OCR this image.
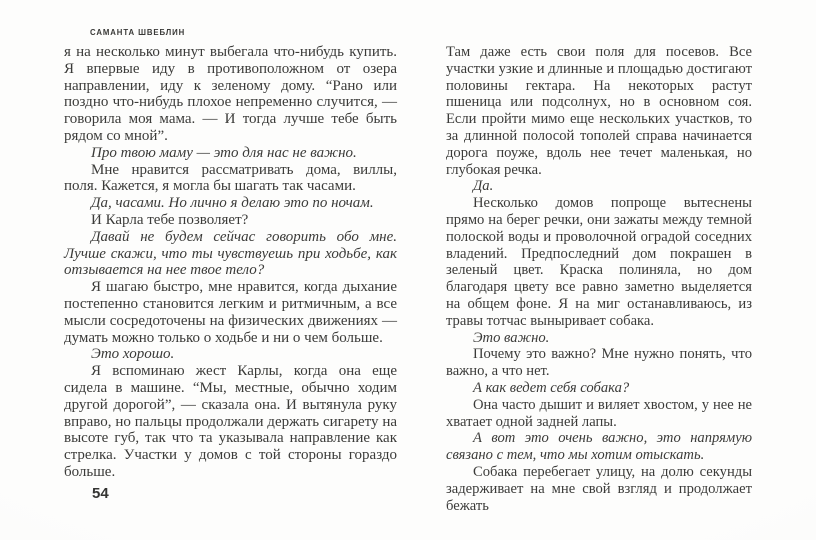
САМАНТА ШВЕБЛИН

я на несколько минут выбегала что-нибудь купить. Я впервые иду в противоположном от озера направлении, иду к зеленому дому. “Рано или поздно что-нибудь плохое непременно случится, — говорила моя мама. — И тогда лучше тебе быть рядом со мной”.

Про твою маму — это для нас не важно.

Мне нравится рассматривать дома, виллы, поля. Кажется, я могла бы шагать так часами.

Да, часами. Но лично я делаю это по ночам.

И Карла тебе позволяет?

Давай не будем сейчас говорить обо мне. Лучше скажи, что ты чувствуешь при ходьбе, как отзывается на нее твое тело?

Я шагаю быстро, мне нравится, когда дыхание постепенно становится легким и ритмичным, а все мысли сосредоточены на физических движениях — думать можно только о ходьбе и ни о чем больше.

Это хорошо.

Я вспоминаю жест Карлы, когда она еще сидела в машине. “Мы, местные, обычно ходим другой дорогой”, — сказала она. И вытянула руку вправо, но пальцы продолжали держать сигарету на высоте губ, так что та указывала направление как стрелка. Участки у домов с той стороны гораздо больше.

54

Там даже есть свои поля для посевов. Все участки узкие и длинные и площадью достигают половины гектара. На некоторых растут пшеница или подсолнух, но в основном соя. Если пройти мимо еще нескольких участков, то за длинной полосой тополей справа начинается дорога поуже, вдоль нее течет маленькая, но глубокая речка.

Да.

Несколько домов попроще вытеснены прямо на берег речки, они зажаты между темной полоской воды и проволочной оградой соседних владений. Предпоследний дом покрашен в зеленый цвет. Краска полиняла, но дом благодаря цвету все равно заметно выделяется на общем фоне. Я на миг останавливаюсь, из травы тотчас выныривает собака.

Это важно.

Почему это важно? Мне нужно понять, что важно, а что нет.

А как ведет себя собака?

Она часто дышит и виляет хвостом, у нее не хватает одной задней лапы.

А вот это очень важно, это напрямую связано с тем, что мы хотим отыскать.

Собака перебегает улицу, на долю секунды задерживает на мне свой взгляд и продолжает бежать
